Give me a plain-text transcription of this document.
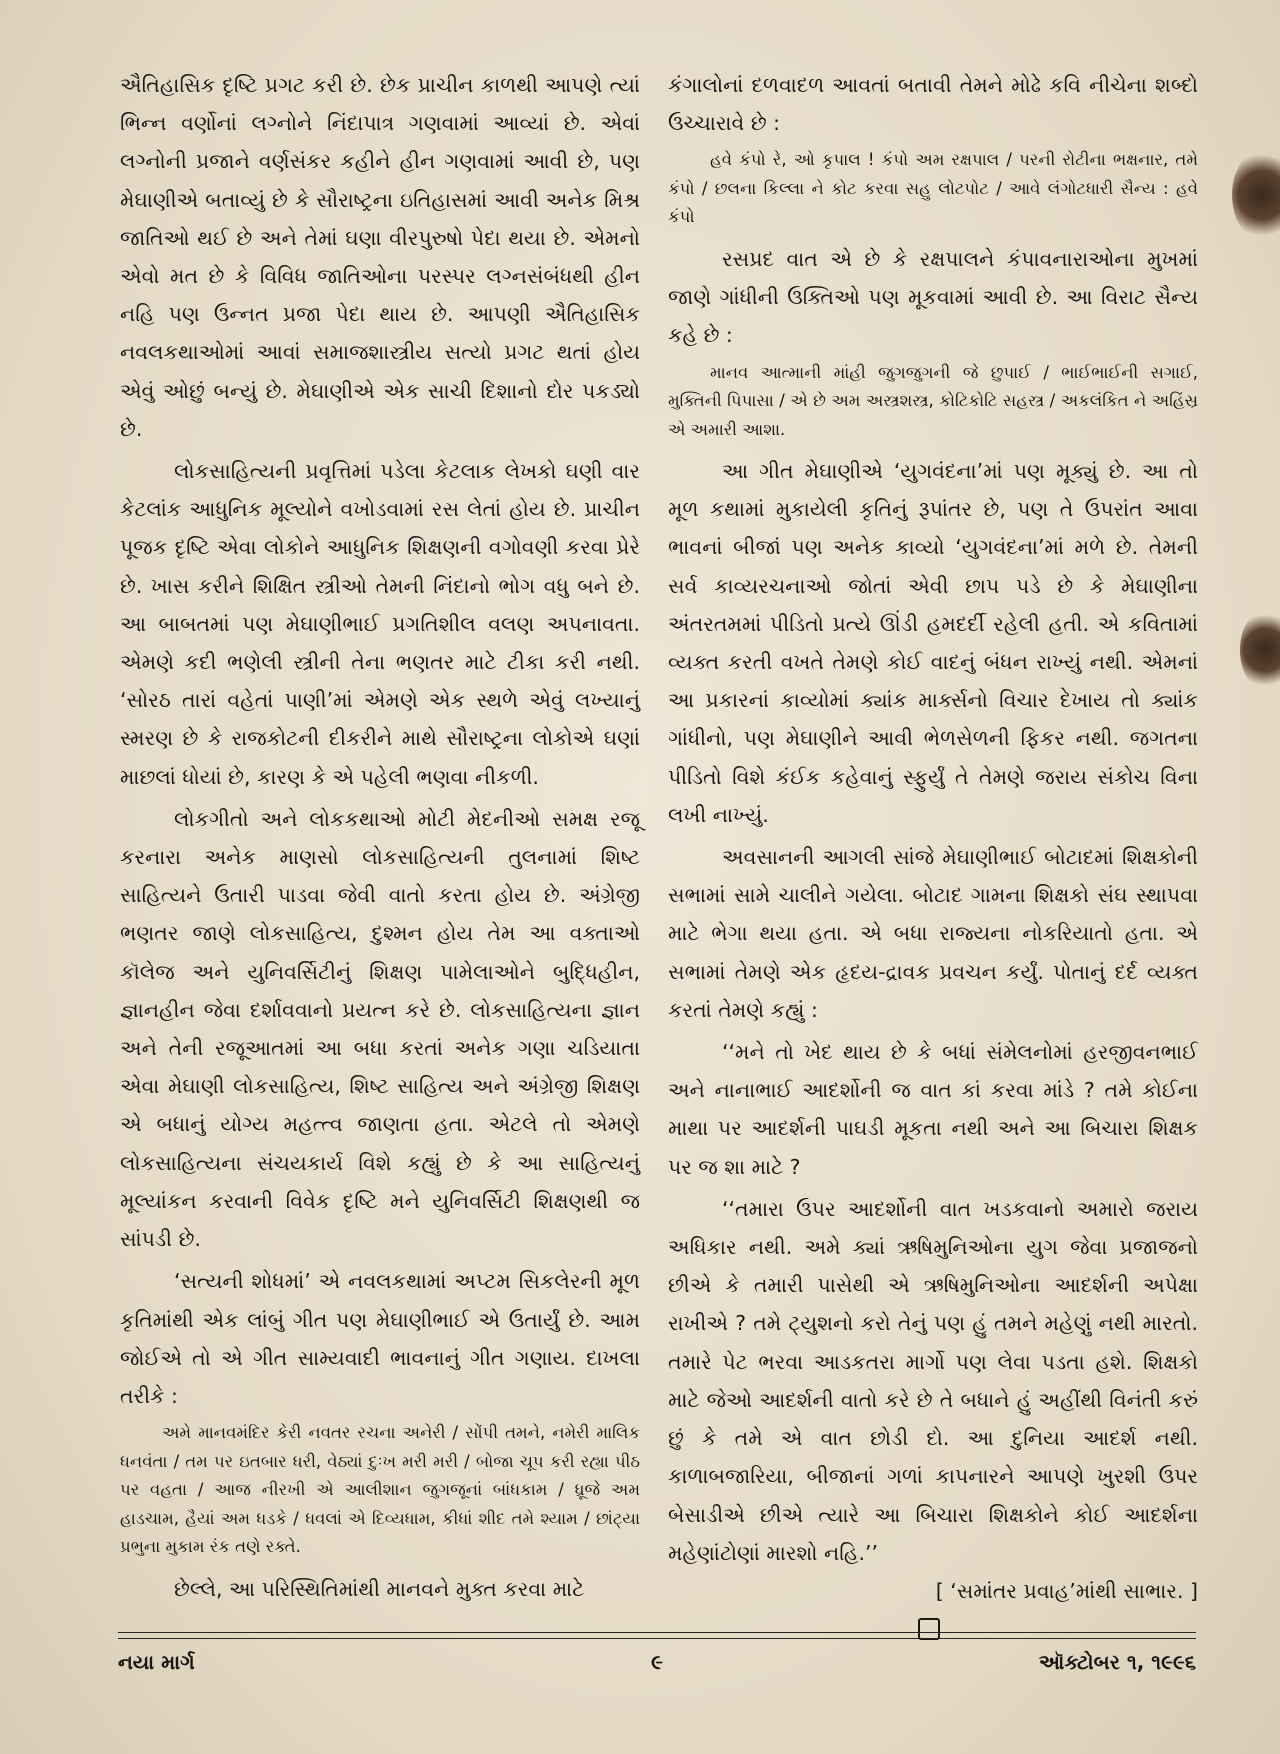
ઐતિહાસિક દૃષ્ટિ પ્રગટ કરી છે. છેક પ્રાચીન કાળથી આપણે ત્યાં ભિન્ન વર્ણોનાં લગ્નોને નિંદાપાત્ર ગણવામાં આવ્યાં છે. એવાં લગ્નોની પ્રજાને વર્ણસંકર કહીને હીન ગણવામાં આવી છે, પણ મેઘાણીએ બતાવ્યું છે કે સૌરાષ્ટ્રના ઇતિહાસમાં આવી અનેક મિશ્ર જાતિઓ થઈ છે અને તેમાં ઘણા વીરપુરુષો પેદા થયા છે. એમનો એવો મત છે કે વિવિધ જાતિઓના પરસ્પર લગ્નસંબંધથી હીન નહિ પણ ઉન્નત પ્રજા પેદા થાય છે. આપણી ઐતિહાસિક નવલકથાઓમાં આવાં સમાજશાસ્ત્રીય સત્યો પ્રગટ થતાં હોય એવું ઓછું બન્યું છે. મેઘાણીએ એક સાચી દિશાનો દોર પકડ્યો છે.

લોકસાહિત્યની પ્રવૃત્તિમાં પડેલા કેટલાક લેખકો ઘણી વાર કેટલાંક આધુનિક મૂલ્યોને વખોડવામાં રસ લેતાં હોય છે. પ્રાચીન પૂજક દૃષ્ટિ એવા લોકોને આધુનિક શિક્ષણની વગોવણી કરવા પ્રેરે છે. ખાસ કરીને શિક્ષિત સ્ત્રીઓ તેમની નિંદાનો ભોગ વધુ બને છે. આ બાબતમાં પણ મેઘાણીભાઈ પ્રગતિશીલ વલણ અપનાવતા. એમણે કદી ભણેલી સ્ત્રીની તેના ભણતર માટે ટીકા કરી નથી. ‘સોરઠ તારાં વહેતાં પાણી’માં એમણે એક સ્થળે એવું લખ્યાનું સ્મરણ છે કે રાજકોટની દીકરીને માથે સૌરાષ્ટ્રના લોકોએ ઘણાં માછલાં ધોયાં છે, કારણ કે એ પહેલી ભણવા નીકળી.

લોકગીતો અને લોકકથાઓ મોટી મેદનીઓ સમક્ષ રજૂ કરનારા અનેક માણસો લોકસાહિત્યની તુલનામાં શિષ્ટ સાહિત્યને ઉતારી પાડવા જેવી વાતો કરતા હોય છે. અંગ્રેજી ભણતર જાણે લોકસાહિત્ય, દુશ્મન હોય તેમ આ વક્તાઓ કૉલેજ અને યુનિવર્સિટીનું શિક્ષણ પામેલાઓને બુદ્ધિહીન, જ્ઞાનહીન જેવા દર્શાવવાનો પ્રયત્ન કરે છે. લોકસાહિત્યના જ્ઞાન અને તેની રજૂઆતમાં આ બધા કરતાં અનેક ગણા ચડિયાતા એવા મેઘાણી લોકસાહિત્ય, શિષ્ટ સાહિત્ય અને અંગ્રેજી શિક્ષણ એ બધાનું યોગ્ય મહત્ત્વ જાણતા હતા. એટલે તો એમણે લોકસાહિત્યના સંચયકાર્ય વિશે કહ્યું છે કે આ સાહિત્યનું મૂલ્યાંકન કરવાની વિવેક દૃષ્ટિ મને યુનિવર્સિટી શિક્ષણથી જ સાંપડી છે.

‘સત્યની શોધમાં’ એ નવલકથામાં અપ્ટમ સિકલેરની મૂળ કૃતિમાંથી એક લાંબું ગીત પણ મેઘાણીભાઈ એ ઉતાર્યું છે. આમ જોઈએ તો એ ગીત સામ્યવાદી ભાવનાનું ગીત ગણાય. દાખલા તરીકે :

અમે માનવમંદિર કેરી નવતર રચના અનેરી / સોંપી તમને, નમેરી માલિક ધનવંતા / તમ પર ઇતબાર ધરી, વેઠ્યાં દુઃખ મરી મરી / બોજા ચૂપ કરી રહ્યા પીઠ પર વહતા / આજ નીરખી એ આલીશાન જુગજૂનાં બાંધકામ / ધ્રૂજે અમ હાડચામ, હૈયાં અમ ધડકે / ધવલાં એ દિવ્યધામ, કીધાં શીદ તમે શ્યામ / છાંટ્યા પ્રભુના મુકામ રંક તણે રક્તે.

છેલ્લે, આ પરિસ્થિતિમાંથી માનવને મુક્ત કરવા માટે

કંગાલોનાં દળવાદળ આવતાં બતાવી તેમને મોઢે કવિ નીચેના શબ્દો ઉચ્ચારાવે છે :

હવે કંપો રે, ઓ કૃપાલ ! કંપો અમ રક્ષપાલ / પરની રોટીના ભક્ષનાર, તમે કંપો / છલના કિલ્લા ને કોટ કરવા સહુ લોટપોટ / આવે લંગોટધારી સૈન્ય : હવે કંપો

રસપ્રદ વાત એ છે કે રક્ષપાલને કંપાવનારાઓના મુખમાં જાણે ગાંધીની ઉક્તિઓ પણ મૂકવામાં આવી છે. આ વિરાટ સૈન્ય કહે છે :

માનવ આત્માની માંહી જુગજુગની જે છુપાઈ / ભાઈભાઈની સગાઈ, મુક્તિની પિપાસા / એ છે અમ અસ્ત્રશસ્ત્ર, કોટિકોટિ સહસ્ત્ર / અકલંકિત ને અહિંસ્ર એ અમારી આશા.

આ ગીત મેઘાણીએ ‘યુગવંદના’માં પણ મૂક્યું છે. આ તો મૂળ કથામાં મુકાયેલી કૃતિનું રૂપાંતર છે, પણ તે ઉપરાંત આવા ભાવનાં બીજાં પણ અનેક કાવ્યો ‘યુગવંદના’માં મળે છે. તેમની સર્વ કાવ્યરચનાઓ જોતાં એવી છાપ પડે છે કે મેઘાણીના અંતરતમમાં પીડિતો પ્રત્યે ઊંડી હમદર્દી રહેલી હતી. એ કવિતામાં વ્યક્ત કરતી વખતે તેમણે કોઈ વાદનું બંધન રાખ્યું નથી. એમનાં આ પ્રકારનાં કાવ્યોમાં ક્યાંક માર્ક્સનો વિચાર દેખાય તો ક્યાંક ગાંધીનો, પણ મેઘાણીને આવી ભેળસેળની ફિકર નથી. જગતના પીડિતો વિશે કંઈક કહેવાનું સ્ફુર્યું તે તેમણે જરાય સંકોચ વિના લખી નાખ્યું.

અવસાનની આગલી સાંજે મેઘાણીભાઈ બોટાદમાં શિક્ષકોની સભામાં સામે ચાલીને ગયેલા. બોટાદ ગામના શિક્ષકો સંઘ સ્થાપવા માટે ભેગા થયા હતા. એ બધા રાજ્યના નોકરિયાતો હતા. એ સભામાં તેમણે એક હૃદય-દ્રાવક પ્રવચન કર્યું. પોતાનું દર્દ વ્યક્ત કરતાં તેમણે કહ્યું :

‘‘મને તો ખેદ થાય છે કે બધાં સંમેલનોમાં હરજીવનભાઈ અને નાનાભાઈ આદર્શોની જ વાત કાં કરવા માંડે ? તમે કોઈના માથા પર આદર્શની પાઘડી મૂકતા નથી અને આ બિચારા શિક્ષક પર જ શા માટે ?

‘‘તમારા ઉપર આદર્શોની વાત ખડકવાનો અમારો જરાય અધિકાર નથી. અમે ક્યાં ઋષિમુનિઓના યુગ જેવા પ્રજાજનો છીએ કે તમારી પાસેથી એ ઋષિમુનિઓના આદર્શની અપેક્ષા રાખીએ ? તમે ટ્યુશનો કરો તેનું પણ હું તમને મહેણું નથી મારતો. તમારે પેટ ભરવા આડકતરા માર્ગો પણ લેવા પડતા હશે. શિક્ષકો માટે જેઓ આદર્શની વાતો કરે છે તે બધાને હું અહીંથી વિનંતી કરું છું કે તમે એ વાત છોડી દો. આ દુનિયા આદર્શ નથી. કાળાબજારિયા, બીજાનાં ગળાં કાપનારને આપણે ખુરશી ઉપર બેસાડીએ છીએ ત્યારે આ બિચારા શિક્ષકોને કોઈ આદર્શના મહેણાંટોણાં મારશો નહિ.’’

[ ‘સમાંતર પ્રવાહ’માંથી સાભાર. ]

નયા માર્ગ	૯	ઑક્ટોબર ૧, ૧૯૯૬
